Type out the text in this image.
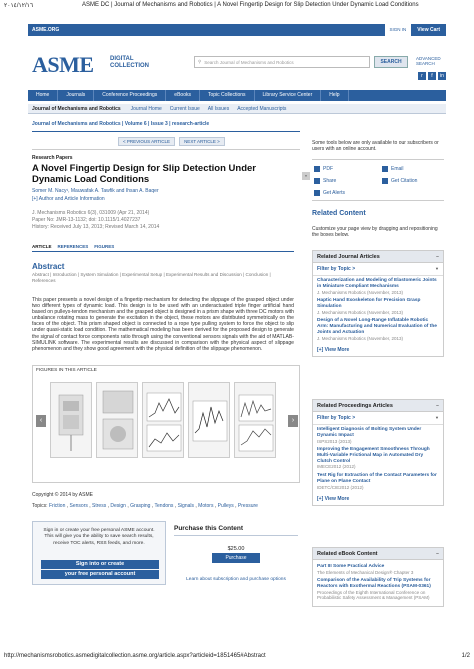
٢٠١٤/١٢/١٦	ASME DC | Journal of Mechanisms and Robotics | A Novel Fingertip Design for Slip Detection Under Dynamic Load Conditions
ASME.ORG	SIGN IN	View Cart
ASME	DIGITAL
COLLECTION
⚲ Search Journal of Mechanisms and Robotics	SEARCH
ADVANCED
SEARCH
r	f	in
Home	Journals	Conference Proceedings	eBooks	Topic Collections	Library Service Center	Help
Journal of Mechanisms and Robotics Journal Home Current Issue All Issues Accepted Manuscripts
Journal of Mechanisms and Robotics | Volume 6 | Issue 3 | research-article
< PREVIOUS ARTICLE	NEXT ARTICLE >
Research Papers
A Novel Fingertip Design for Slip Detection Under Dynamic Load Conditions
Somer M. Nacy¹, Mauwafak A. Tawfik and Ihsan A. Baqer
[+] Author and Article Information
J. Mechanisms Robotics 6(3), 031009 (Apr 21, 2014)
Paper No: JMR-13-1132; doi: 10.1115/1.4027237
History: Received July 13, 2013; Revised March 14, 2014
ARTICLE REFERENCES FIGURES
Abstract
Abstract | Introduction | System Simulation | Experimental Setup | Experimental Results and Discussion | Conclusion | References
This paper presents a novel design of a fingertip mechanism for detecting the slippage of the grasped object under two different types of dynamic load. This design is to be used with an underactuated triple finger artificial hand based on pulleys-tendon mechanism and the grasped object is designed in a prism shape with three DC motors with unbalance rotating mass to generate the excitation in the object, these motors are distributed symmetrically on the faces of the object. This prism shaped object is connected to a rope type pulling system to force the object to slip under quasi-static load condition. The mathematical modeling has been derived for the proposed design to generate the signal of contact force components ratio through using the conventional sensors signals with the aid of MATLAB-SIMULINK software. The experimental results are discussed in comparison with the physical aspect of slippage phenomenon and they show good agreement with the physical definition of the slippage phenomenon.
FIGURES IN THIS ARTICLE
‹	›
Copyright © 2014 by ASME
Topics: Friction , Sensors , Stress , Design , Grasping , Tendons , Signals , Motors , Pulleys , Pressure
Sign in or create your free personal ASME account. This will give you the ability to save search results, receive TOC alerts, RSS feeds, and more.
Sign into or create
your free personal account
Purchase this Content
$25.00
Purchase
Learn about subscription and purchase options
Some tools below are only available to our subscribers or users with an online account.
»
PDF	Email
Share	Get Citation
Get Alerts
Related Content
Customize your page view by dragging and repositioning the boxes below.
Related Journal Articles	−
Filter by Topic >	▼
Characterization and Modeling of Elastomeric Joints in Miniature Compliant Mechanisms
J. Mechanisms Robotics (November, 2013)
Haptic Hand Exoskeleton for Precision Grasp Simulation
J. Mechanisms Robotics (November, 2013)
Design of a Novel Long-Range Inflatable Robotic Arm: Manufacturing and Numerical Evaluation of the Joints and Actuation
J. Mechanisms Robotics (November, 2013)
[+] View More
Related Proceedings Articles	−
Filter by Topic >	▼
Intelligent Diagnosis of Bolting System Under Dynamic Impact
ISPS2013 (2013)
Improving the Engagement Smoothness Through Multi-Variable Frictional Map in Automated Dry Clutch Control
IMECE2012 (2012)
Test Rig for Extraction of the Contact Parameters for Plane on Plane Contact
IDETC/CIE2012 (2012)
[+] View More
Related eBook Content	−
Part III Some Practical Advice
The Elements of Mechanical Design® Chapter 3
Comparison of the Availability of Trip Systems for Reactors with Exothermal Reactions (PSAM-0361)
Proceedings of the Eighth International Conference on Probabilistic Safety Assessment & Management (PSAM)
http://mechanismsrobotics.asmedigitalcollection.asme.org/article.aspx?articleid=1851465#Abstract	1/2
